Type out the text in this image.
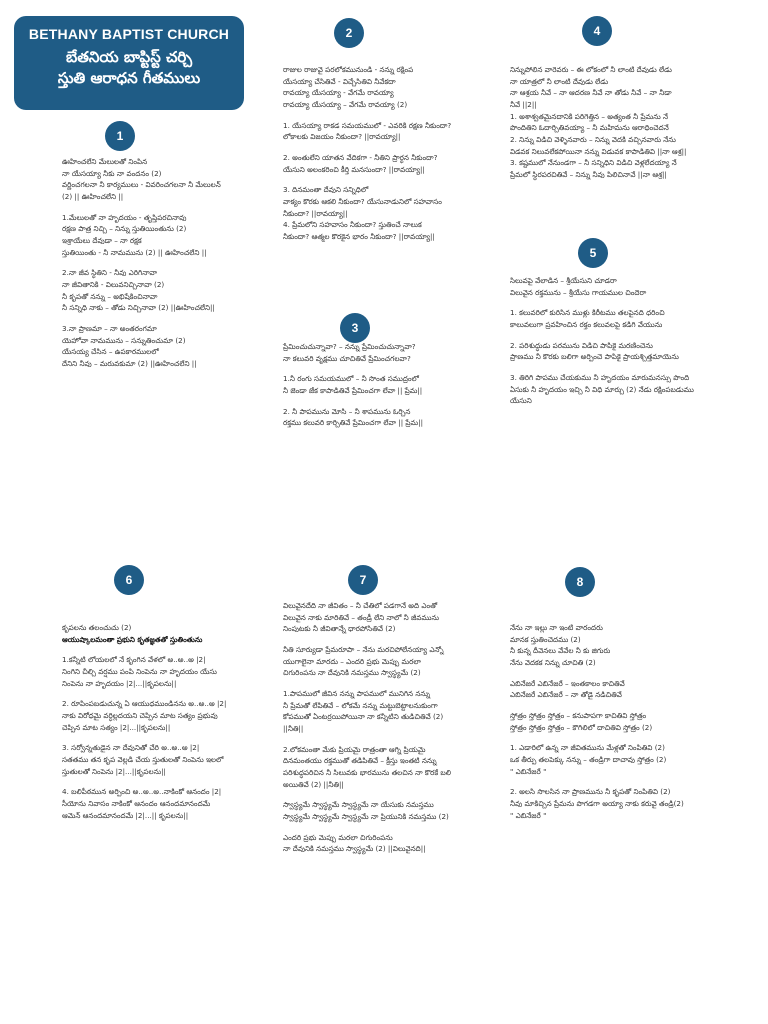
BETHANY BAPTIST CHURCH
బేతనియ బాప్టిస్ట్ చర్చి
స్తుతి ఆరాధన గీతములు
1
2
3
4
5
6	7	8
ఊహించలేని మేలులతో నింపిన
నా యేసయ్యా నీకు నా వందనం (2)
వర్ణించగలనా నీ కార్యములు - వివరించగలనా నీ మేలులన్
(2) || ఊహించలేని ||
1.మేలులతో నా హృదయం - తృప్తిపరచినావు
రక్షణ పాత్ర నిచ్చి – నిన్ను స్తుతియింతును (2)
ఇశ్రాయేలు దేవుడా – నా రక్షక
స్తుతియింతు - నీ నామమును (2) || ఊహించలేని ||
2.నా జీవ స్థితిని - నీవు ఎరిగినావా
నా జీవితానికి - విలువనిచ్చినావా (2)
నీ కృపతో నన్ను – అభిషేకించినావా
నీ సన్నిధి నాకు – తోడు నిచ్చినావా (2) ||ఊహించలేని||
3.నా ప్రాణమా – నా అంతరంగమా
యెహోవా నామమును – సన్నుతించుమా (2)
యేసయ్య చేసిన – ఉపకారములలో
దేనిని నీవు – మరువకుమా (2) ||ఊహించలేని ||
రాజుల రాజువై పరలోకమునుండి - నన్ను రక్షింప
యేసయ్యా చేసితివే - విచ్చేసితివి నీవేకదా
రావయ్యా యేసయ్యా - వేగమే రావయ్యా
రావయ్యా యేసయ్యా – వేగమే రావయ్యా (2)
1. యేసయ్యా రాకడ సమయములో - ఎవరికి రక్షణ నీకుందా?
లోకాలకు విజయం నీకుందా? ||రావయ్యా||
2. అంతులేని యాతన వేదికగా - నీతిని ప్రార్థన నీకుందా?
యేసుని అలంకరించి కీర్తి మనసుందా? ||రావయ్యా||
3. దినమంతా దేవుని సన్నిధిలో
వాక్యం కొరకు ఆకలి నీకుందా? యేసునాడునిలో సహవాసం
నీకుందా? ||రావయ్యా||
4. ప్రేమలోని సహవాసం నీకుందా? స్తుతించే నాలుక
నీకుందా? ఆత్మల కొరకైన భారం నీకుందా? ||రావయ్యా||
ప్రేమించుచున్నావా? – నన్ను ప్రేమించుచున్నావా?
నా కలువరి వృక్షము చూచితివే ప్రేమించగలవా?
1.నీ రంగు సమయములో – నీ సొంత సముద్రంలో
నీ జెండా జేక కాపాడితివే ప్రేమించగా లేవా || ప్రేమ||
2. నీ పాపమును మోసి – నీ శాపమును ఓర్చిన
రక్తము కలువరి కార్చితివే ప్రేమించగా లేవా || ప్రేమ||
నిన్నుపోలిన వారెవరు – ఈ లోకంలో నీ లాంటి దేవుడు లేడు
నా యాత్రలో నీ లాంటి దేవుడు లేడు
నా ఆశ్రయ నీవే – నా ఆదరణ నీవే నా తోడు నీవే – నా నీడా
నీవే ||2||
1. అశాశ్వతమైనదానికి పరిగెత్తిన – అత్యంత నీ ప్రేమను నే
పొందితిని ఓదార్చితివయ్యా – నీ మహిమను ఆరాధించెదనే
2. నిన్ను విడిచి వెళ్ళినవారు – నిన్ను వెదకి వచ్చినవారు నేను
విడవక నిలువలేకపోయినా నన్ను విడువక కాపాడితివి ||నా ఆశ్ర||
3. కష్టములో నేనుండగా – నీ సన్నిధిని విడిచి వెళ్లలేదయ్యా నే
ప్రేమలో స్థిరపరచితివే – నిన్ను నీవు పిలిచినావే ||నా ఆశ్ర||
సిలువపై వేలాడిన – శ్రీయేసుని చూడరా
విలువైన రక్తమును – శ్రీయేసు గాయముల చిందెరా
1. కలువరిలో కురిసిన ముళ్లు కిరీటము తలపైనది ధరించి
కాలువలుగా ప్రవహించిన రక్తం కలువలపై కడిగి వేయును
2. పరిశుద్ధుడు పరమును విడిచి పాపికై మరణించెను
ప్రాణము నీ కొరకు బలిగా అర్పించె పాపికై ప్రాయశ్చిత్తమాయెను
3. తిరిగి పాపము చేయకుము నీ హృదయం మారుమనస్సు పొంది
ఏసుకు నీ హృదయం ఇచ్చి నీ విధి మార్చు (2) నేడు రక్షింపబడుము
యేసుని
కృపలను తలంచుచు (2)
ఆయుష్కాలమంతా ప్రభుని కృతజ్ఞతతో స్తుతింతును
1.కన్నీటి లోయలలో నే కృంగిన వేళలో అ..అ..అ |2|
నింగిని చీల్చి వర్షము పంపి నింపెను నా హృదయం యేసు
నింపెను నా హృదయం |2|...||కృపలను||
2. రూపింపబడుచున్న ఏ ఆయుధముండినను అ..అ..అ |2|
నాకు విరోధమై వర్ధిల్లదయని చెప్పిన మాట సత్యం ప్రభువు
చెప్పిన మాట సత్యం |2|...||కృపలను||
3. సర్వోన్నతుడైన నా దేవునితో చేరి అ..అ..అ |2|
సతతము తన కృప వెల్లడి చేయ స్తుతులతో నింపెను ఇలలో
స్తుతులతో నింపెను |2|...||కృపలను||
4. బలిపీఠమున అర్పించి అ..అ..అ..నాకింకో ఆనందం |2|
సీయోను నివాసం నాకింకో ఆనందం ఆనందమానందమే
ఆమెన్ ఆనందమానందమే |2|...|| కృపలను||
విలువైనదేది నా జీవితం – నీ చేతిలో పడగానే అది ఎంతో
విలువైన నాకు మారితివే – తండ్రీ లేని నాలో నీ జీవమును
నింపుటకు నీ జీవితాన్నే ధారపోసితివే (2)
నీతి సూర్యుడా ప్రేమరూపా – నేను మరచిపోలేనయ్యా ఎన్నో
యుగాలైనా మారదు – ఎందరి ప్రభు మెప్పు మరలా
చిగురింపను నా దేవునికి నమస్తము స్వాస్థ్యమే (2)
1.పాపములో జీవిన నన్ను పాపములో మునిగిన నన్ను
నీ ప్రేమతో లేపితివే – లోకమే నన్ను మట్టుబెట్టాలనుకుంగా
కోపముతో ఏంటర్రయిపోయినా నా కన్నీటిని తుడిచితివే (2)
||నీతి||
2.లోకమంతా మేకు ప్రియమై రాత్రంతా ఆగ్ని ప్రియమై
దినమంతయు రక్తముతో తడిపితివే – క్రీస్తు ఇంతటి నన్ను
పరిశుద్ధపరిచిన నీ సిలువకు భారమును తలచిన నా కొరకే బలి
అయితివే (2) ||నీతి||
స్వాస్థ్యమే స్వాస్థ్యమే స్వాస్థ్యమే నా యేసుకు నమస్తము
స్వాస్థ్యమే స్వాస్థ్యమే స్వాస్థ్యమే నా ప్రియునికి నమస్తము (2)
ఎందరి ప్రభు మెప్పు మరలా చిగురింపను
నా దేవునికి నమస్తము స్వాస్థ్యమే (2) ||విలువైనది||
నేను నా ఇల్లు నా ఇంటి వారందరు
మానక స్తుతించెదము (2)
నీ కున్న దీవెనలు వేవేల నీ కు జిగురు
నేను వెదకక నిన్ను చూచితి (2)
ఎబినేజరే ఎబినేజరే – ఇంతకాలం కాచితివే
ఎబినేజరే ఎబినేజరే – నా తోడై నడిచితివే
స్తోత్రం స్తోత్రం స్తోత్రం – కనుపాపగా కాచితివి స్తోత్రం
స్తోత్రం స్తోత్రం స్తోత్రం – కౌగిలిలో దాచితివి స్తోత్రం (2)
1. ఎడారిలో ఉన్న నా జీవితమును మేళ్లతో నింపితివి (2)
ఒక తీర్పు తలపెక్కు నన్ను – తండ్రిగా దాచావు స్తోత్రం (2)
" ఎబినేజరే "
2. అలసి సొలసిన నా ప్రాణమును నీ కృపతో నింపితివి (2)
నీవు మాకిచ్చిన ప్రేమను పొగడగా అయ్యా నాకు కరువై తండ్రి(2)
" ఎబినేజరే "
